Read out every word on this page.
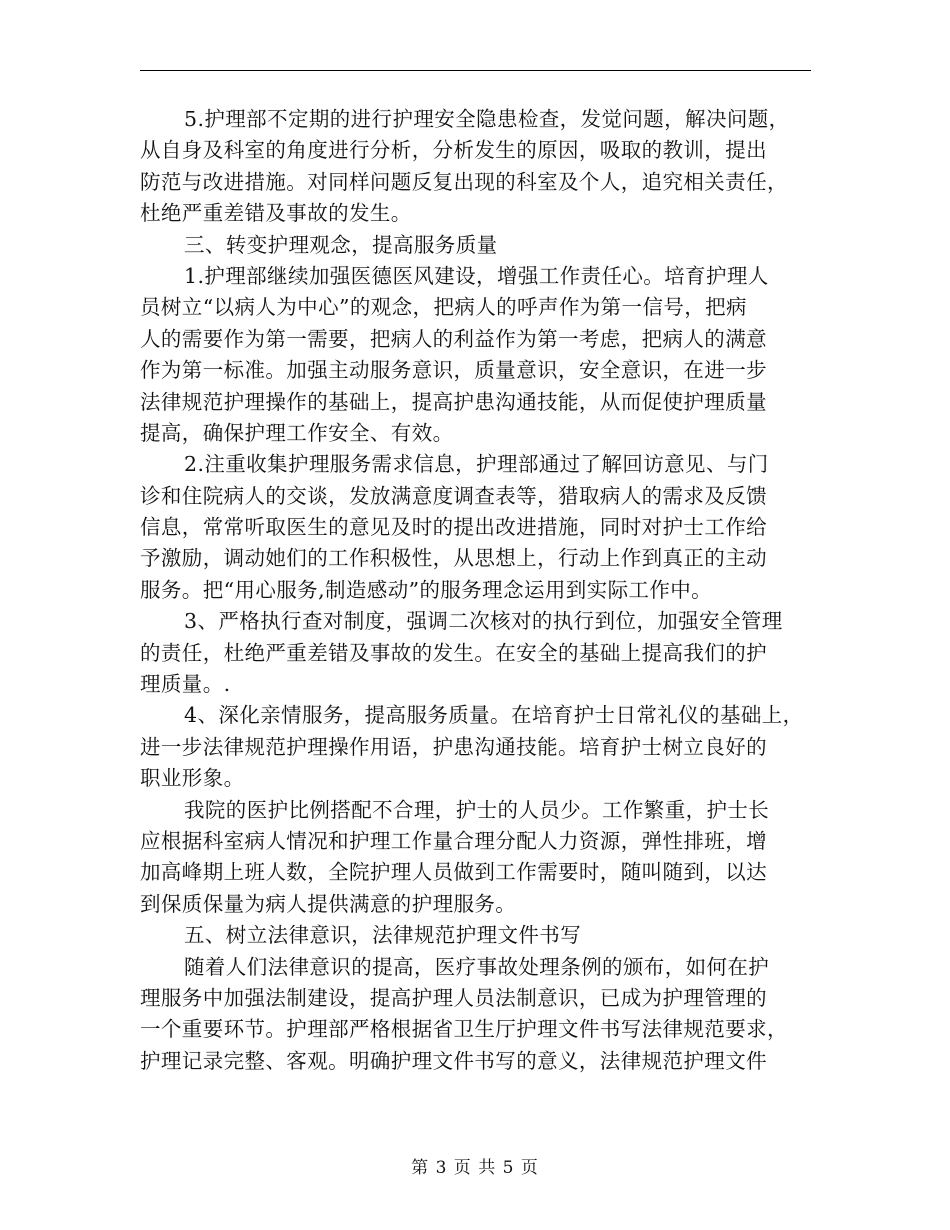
5.护理部不定期的进行护理安全隐患检查，发觉问题，解决问题，
从自身及科室的角度进行分析，分析发生的原因，吸取的教训，提出
防范与改进措施。对同样问题反复出现的科室及个人，追究相关责任，
杜绝严重差错及事故的发生。
三、转变护理观念，提高服务质量
1.护理部继续加强医德医风建设，增强工作责任心。培育护理人
员树立“以病人为中心”的观念，把病人的呼声作为第一信号，把病
人的需要作为第一需要，把病人的利益作为第一考虑，把病人的满意
作为第一标准。加强主动服务意识，质量意识，安全意识，在进一步
法律规范护理操作的基础上，提高护患沟通技能，从而促使护理质量
提高，确保护理工作安全、有效。
2.注重收集护理服务需求信息，护理部通过了解回访意见、与门
诊和住院病人的交谈，发放满意度调查表等，猎取病人的需求及反馈
信息，常常听取医生的意见及时的提出改进措施，同时对护士工作给
予激励，调动她们的工作积极性，从思想上，行动上作到真正的主动
服务。把“用心服务,制造感动”的服务理念运用到实际工作中。
3、严格执行查对制度，强调二次核对的执行到位，加强安全管理
的责任，杜绝严重差错及事故的发生。在安全的基础上提高我们的护
理质量。.
4、深化亲情服务，提高服务质量。在培育护士日常礼仪的基础上，
进一步法律规范护理操作用语，护患沟通技能。培育护士树立良好的
职业形象。
我院的医护比例搭配不合理，护士的人员少。工作繁重，护士长
应根据科室病人情况和护理工作量合理分配人力资源，弹性排班，增
加高峰期上班人数，全院护理人员做到工作需要时，随叫随到，以达
到保质保量为病人提供满意的护理服务。
五、树立法律意识，法律规范护理文件书写
随着人们法律意识的提高，医疗事故处理条例的颁布，如何在护
理服务中加强法制建设，提高护理人员法制意识，已成为护理管理的
一个重要环节。护理部严格根据省卫生厅护理文件书写法律规范要求，
护理记录完整、客观。明确护理文件书写的意义，法律规范护理文件
第 3 页 共 5 页
